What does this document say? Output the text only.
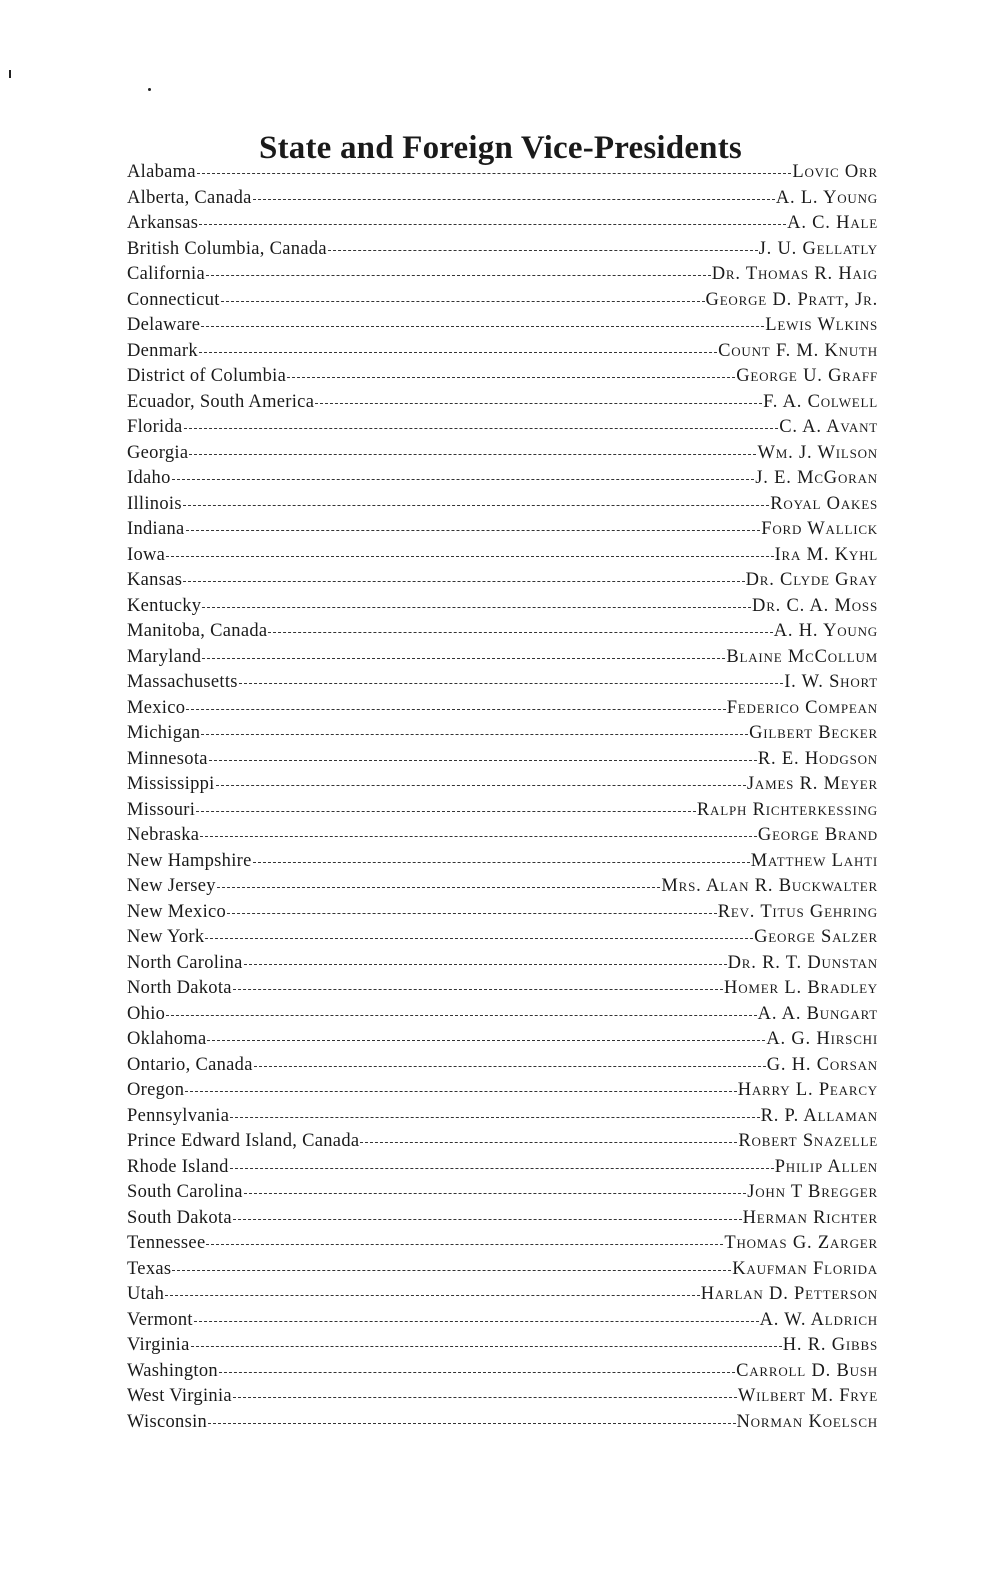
State and Foreign Vice-Presidents
Alabama	Lovic Orr
Alberta, Canada	A. L. Young
Arkansas	A. C. Hale
British Columbia, Canada	J. U. Gellatly
California	Dr. Thomas R. Haig
Connecticut	George D. Pratt, Jr.
Delaware	Lewis Wlkins
Denmark	Count F. M. Knuth
District of Columbia	George U. Graff
Ecuador, South America	F. A. Colwell
Florida	C. A. Avant
Georgia	Wm. J. Wilson
Idaho	J. E. McGoran
Illinois	Royal Oakes
Indiana	Ford Wallick
Iowa	Ira M. Kyhl
Kansas	Dr. Clyde Gray
Kentucky	Dr. C. A. Moss
Manitoba, Canada	A. H. Young
Maryland	Blaine McCollum
Massachusetts	I. W. Short
Mexico	Federico Compean
Michigan	Gilbert Becker
Minnesota	R. E. Hodgson
Mississippi	James R. Meyer
Missouri	Ralph Richterkessing
Nebraska	George Brand
New Hampshire	Matthew Lahti
New Jersey	Mrs. Alan R. Buckwalter
New Mexico	Rev. Titus Gehring
New York	George Salzer
North Carolina	Dr. R. T. Dunstan
North Dakota	Homer L. Bradley
Ohio	A. A. Bungart
Oklahoma	A. G. Hirschi
Ontario, Canada	G. H. Corsan
Oregon	Harry L. Pearcy
Pennsylvania	R. P. Allaman
Prince Edward Island, Canada	Robert Snazelle
Rhode Island	Philip Allen
South Carolina	John T Bregger
South Dakota	Herman Richter
Tennessee	Thomas G. Zarger
Texas	Kaufman Florida
Utah	Harlan D. Petterson
Vermont	A. W. Aldrich
Virginia	H. R. Gibbs
Washington	Carroll D. Bush
West Virginia	Wilbert M. Frye
Wisconsin	Norman Koelsch
